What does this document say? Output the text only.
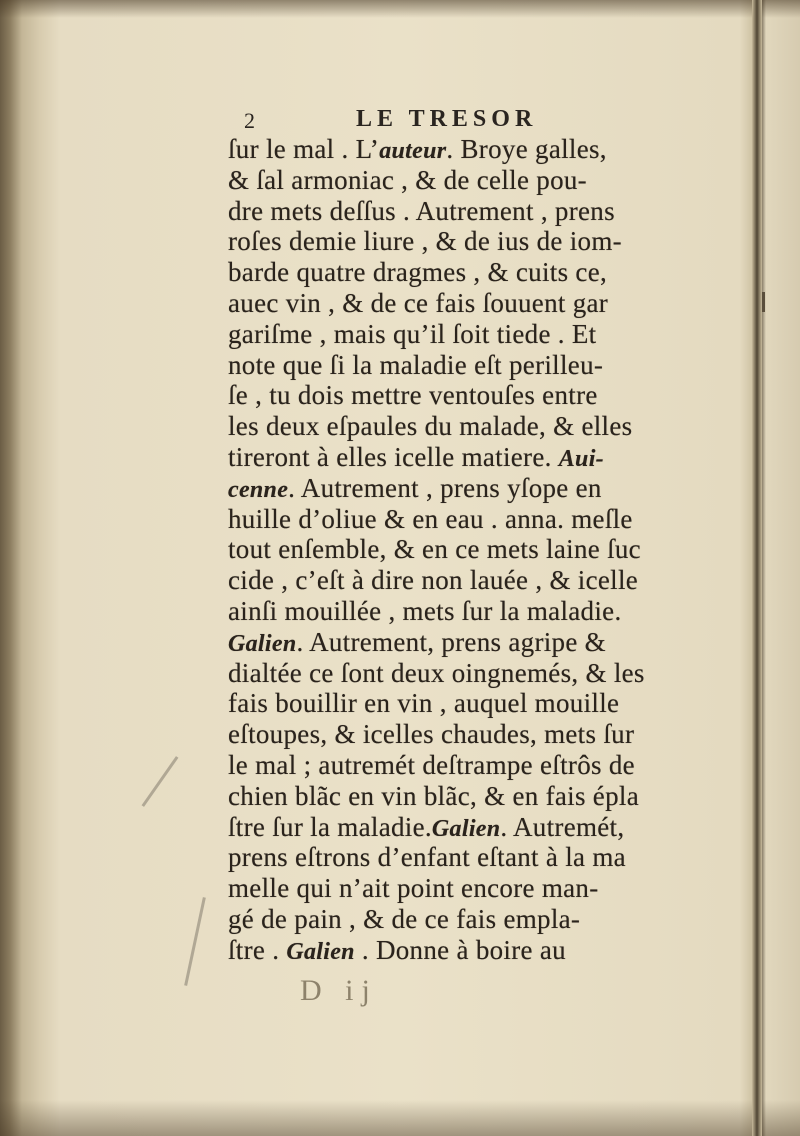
2	LE TRESOR
ſur le mal . L’auteur. Broye galles,
& ſal armoniac , & de celle pou-
dre mets deſſus . Autrement , prens
roſes demie liure , & de ius de iom-
barde quatre dragmes , & cuits ce,
auec vin , & de ce fais ſouuent gar
gariſme , mais qu’il ſoit tiede . Et
note que ſi la maladie eſt perilleu-
ſe , tu dois mettre ventouſes entre
les deux eſpaules du malade, & elles
tireront à elles icelle matiere. Aui-
cenne. Autrement , prens yſope en
huille d’oliue & en eau . anna. meſle
tout enſemble, & en ce mets laine ſuc
cide , c’eſt à dire non lauée , & icelle
ainſi mouillée , mets ſur la maladie.
Galien. Autrement, prens agripe &
dialtée ce ſont deux oingnemés, & les
fais bouillir en vin , auquel mouille
eſtoupes, & icelles chaudes, mets ſur
le mal ; autremét deſtrampe eſtrôs de
chien blãc en vin blãc, & en fais épla
ſtre ſur la maladie.Galien. Autremét,
prens eſtrons d’enfant eſtant à la ma
melle qui n’ait point encore man-
gé de pain , & de ce fais empla-
ſtre . Galien . Donne à boire au
D ij
